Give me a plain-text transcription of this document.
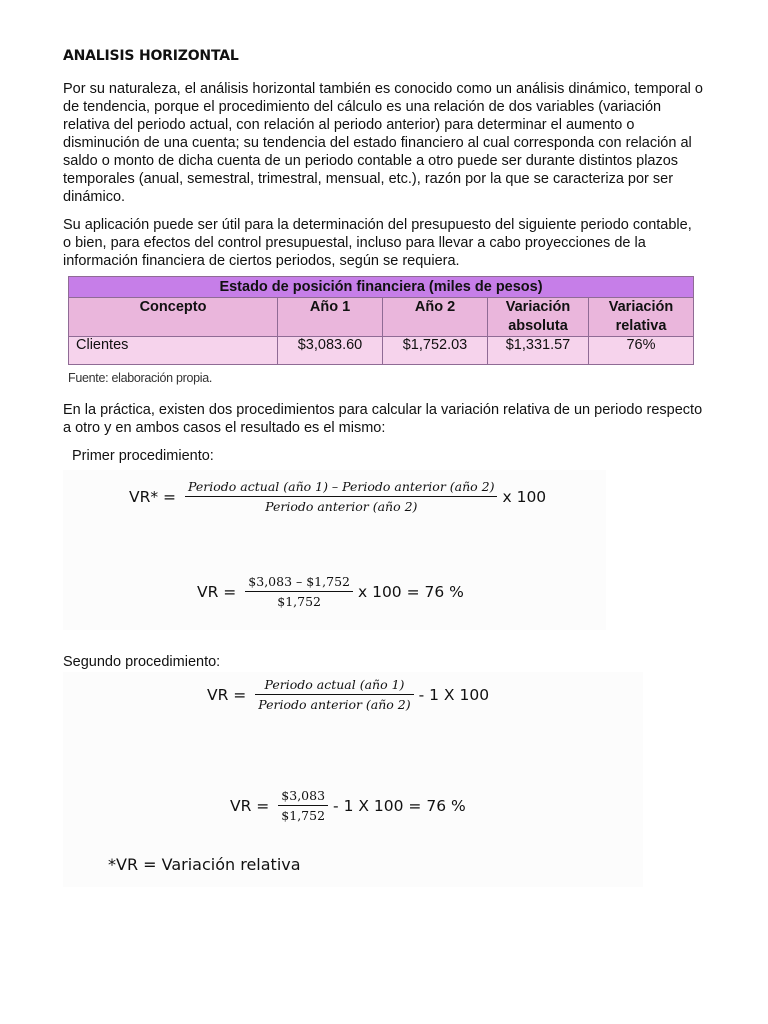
ANALISIS HORIZONTAL

Por su naturaleza, el análisis horizontal también es conocido como un análisis dinámico, temporal o de tendencia, porque el procedimiento del cálculo es una relación de dos variables (variación relativa del periodo actual, con relación al periodo anterior) para determinar el aumento o disminución de una cuenta; su tendencia del estado financiero al cual corresponda con relación al saldo o monto de dicha cuenta de un periodo contable a otro puede ser durante distintos plazos temporales (anual, semestral, trimestral, mensual, etc.), razón por la que se caracteriza por ser dinámico.

Su aplicación puede ser útil para la determinación del presupuesto del siguiente periodo contable, o bien, para efectos del control presupuestal, incluso para llevar a cabo proyecciones de la información financiera de ciertos periodos, según se requiera.

Estado de posición financiera (miles de pesos)				
Concepto	Año 1	Año 2	Variación absoluta	Variación relativa
Clientes	$3,083.60	$1,752.03	$1,331.57	76%
Fuente: elaboración propia.

En la práctica, existen dos procedimientos para calcular la variación relativa de un periodo respecto a otro y en ambos casos el resultado es el mismo:

Primer procedimiento:
$VR* = \frac{\text{Periodo actual (año 1) – Periodo anterior (año 2)}}{\text{Periodo anterior (año 2)}}$ x 100
VR = $\frac{\$3,083 - \$1,752}{\$1,752}$ x 100 = 76 %
Segundo procedimiento:
VR = $\frac{\text{Periodo actual (año 1)}}{\text{Periodo anterior (año 2)}} - 1$ X 100
VR = $\frac{\$3,083}{\$1,752} - 1$ X 100 = 76 %
*VR = Variación relativa
